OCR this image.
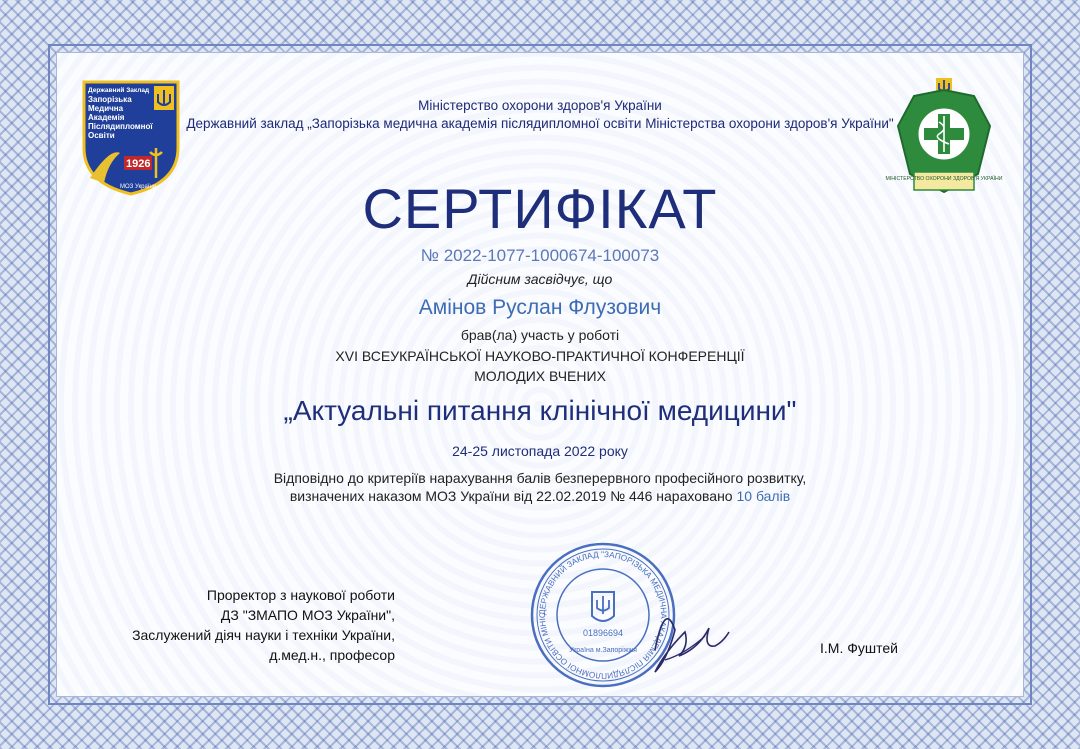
Державний Заклад
Запорізька
Медична
Академія
Післядипломної
Освіти
1926
МОЗ України
МІНІСТЕРСТВО ОХОРОНИ ЗДОРОВ'Я УКРАЇНИ
Міністерство охорони здоров'я України
Державний заклад „Запорізька медична академія післядипломної освіти Міністерства охорони здоров'я України"
СЕРТИФІКАТ
№ 2022-1077-1000674-100073
Дійсним засвідчує, що
Амінов Руслан Флузович
брав(ла) участь у роботі
XVI ВСЕУКРАЇНСЬКОЇ НАУКОВО-ПРАКТИЧНОЇ КОНФЕРЕНЦІЇ
МОЛОДИХ ВЧЕНИХ
„Актуальні питання клінічної медицини"
24-25 листопада 2022 року
Відповідно до критеріїв нарахування балів безперервного професійного розвитку,
визначених наказом МОЗ України від 22.02.2019 № 446 нараховано 10 балів
Проректор з наукової роботи
ДЗ "ЗМАПО МОЗ України",
Заслужений діяч науки і техніки України,
д.мед.н., професор
ДЕРЖАВНИЙ ЗАКЛАД "ЗАПОРІЗЬКА МЕДИЧНА АКАДЕМІЯ ПІСЛЯДИПЛОМНОЇ ОСВІТИ МІНІС
01896694
Україна м.Запоріжжя	І.М. Фуштей
